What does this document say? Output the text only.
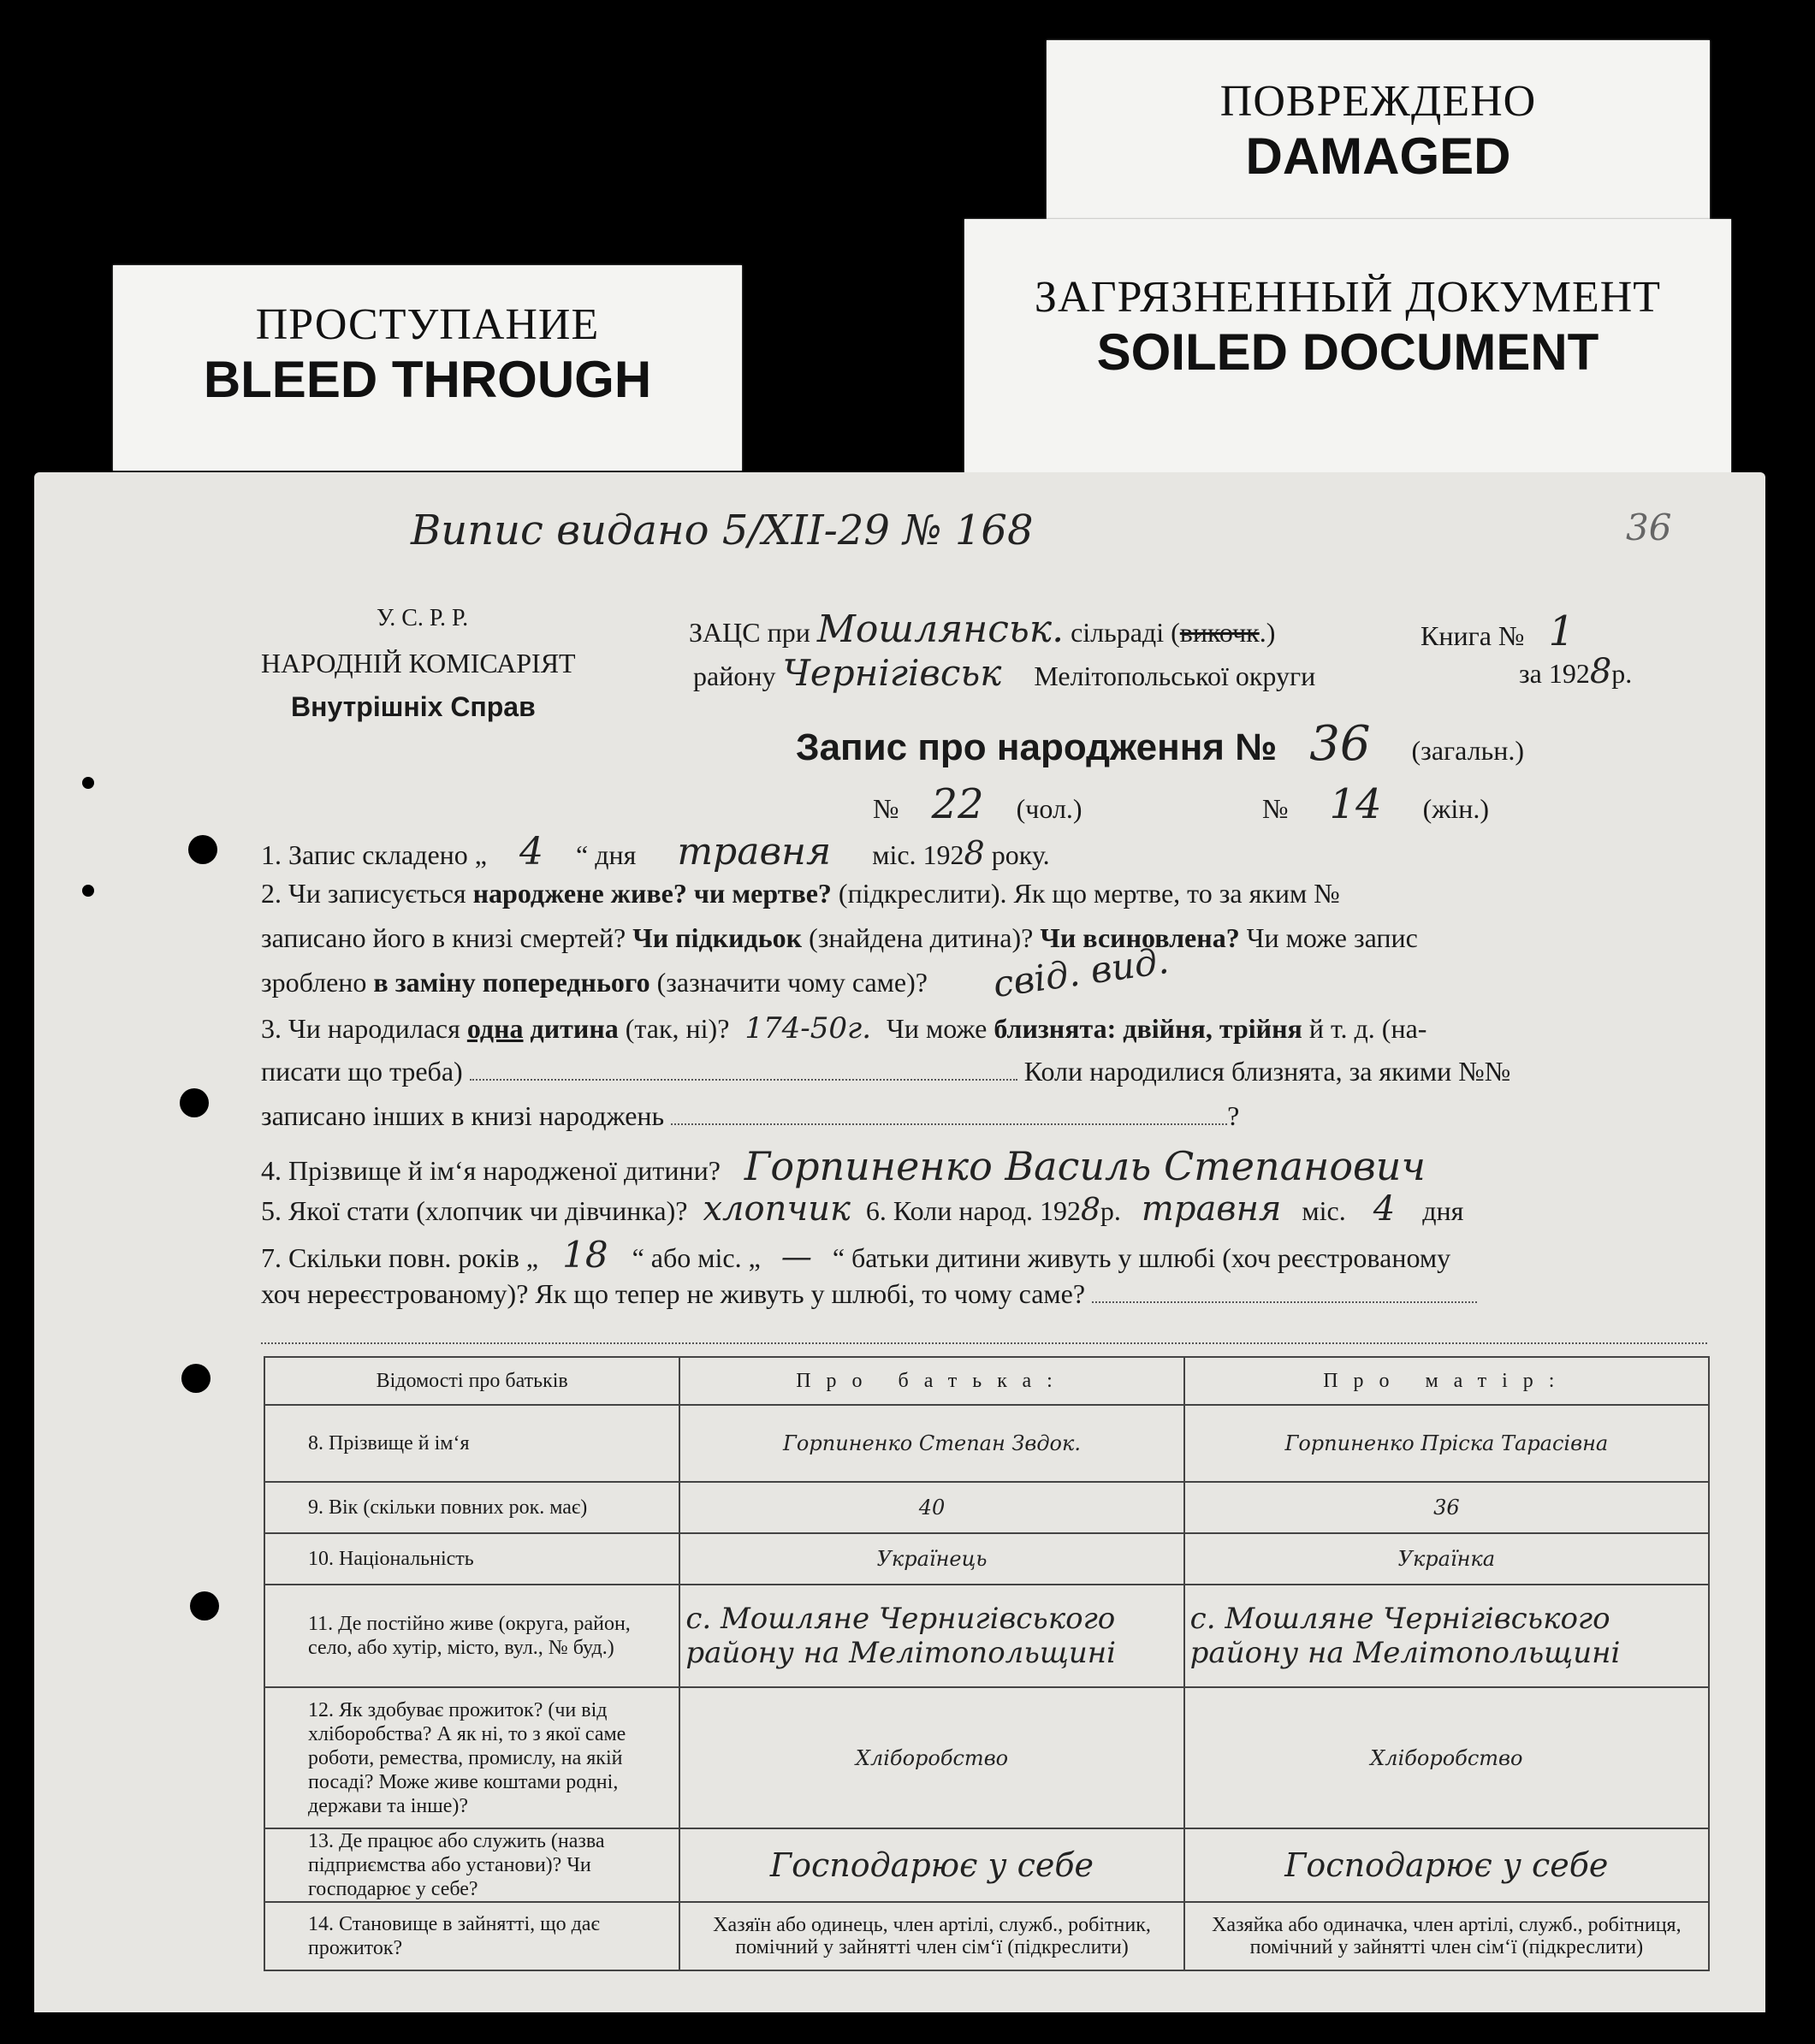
ПРОСТУПАНИЕ
BLEED THROUGH
ПОВРЕЖДЕНО
DAMAGED
ЗАГРЯЗНЕННЫЙ ДОКУМЕНТ
SOILED DOCUMENT
Випис видано 5/XII-29 № 168	36
У. С. Р. Р.
НАРОДНІЙ КОМІСАРІЯТ
Внутрішніх Справ
ЗАЦС при Мошлянськ. сільраді (викочк.)	Книга № 1
району Чернігівськ Мелітопольської округи	за 1928р.
Запис про народження № 36 (загальн.)
№ 22 (чол.)	№ 14 (жін.)
1. Запис складено „ 4 “ дня травня міс. 1928 року.
2. Чи записується народжене живе? чи мертве? (підкреслити). Як що мертве, то за яким №
записано його в книзі смертей? Чи підкидьок (знайдена дитина)? Чи всиновлена? Чи може запис
зроблено в заміну попереднього (зазначити чому саме)? свід. вид.
3. Чи народилася одна дитина (так, ні)? 174-50г. Чи може близнята: двійня, трійня й т. д. (на-
писати що треба)	Коли народилися близнята, за якими №№
записано інших в книзі народжень	?
4. Прізвище й ім‘я народженої дитини? Горпиненко Василь Степанович
5. Якої стати (хлопчик чи дівчинка)? хлопчик 6. Коли народ. 1928р. травня міс. 4 дня
7. Скільки повн. років „ 18 “ або міс. „ — “ батьки дитини живуть у шлюбі (хоч реєстрованому
хоч нереєстрованому)? Як що тепер не живуть у шлюбі, то чому саме?
Відомості про батьків	Про батька:	Про матір:
8. Прізвище й ім‘я	Горпиненко Степан Звдок.	Горпиненко Пріска Тарасівна
9. Вік (скільки повних рок. має)	40	36
10. Національність	Українець	Українка
11. Де постійно живе (округа, район, село, або хутір, місто, вул., № буд.)	с. Мошляне Чернигівського району на Мелітопольщині	с. Мошляне Чернігівського району на Мелітопольщині
12. Як здобуває прожиток? (чи від хліборобства? А як ні, то з якої саме роботи, ремества, промислу, на якій посаді? Може живе коштами родні, держави та інше)?	Хліборобство	Хліборобство
13. Де працює або служить (назва підприємства або установи)? Чи господарює у себе?	Господарює у себе	Господарює у себе
14. Становище в зайнятті, що дає прожиток?	Хазяїн або одинець, член артілі, служб., робітник, помічний у зайнятті член сім‘ї (підкреслити)	Хазяйка або одиначка, член артілі, служб., робітниця, помічний у зайнятті член сім‘ї (підкреслити)
